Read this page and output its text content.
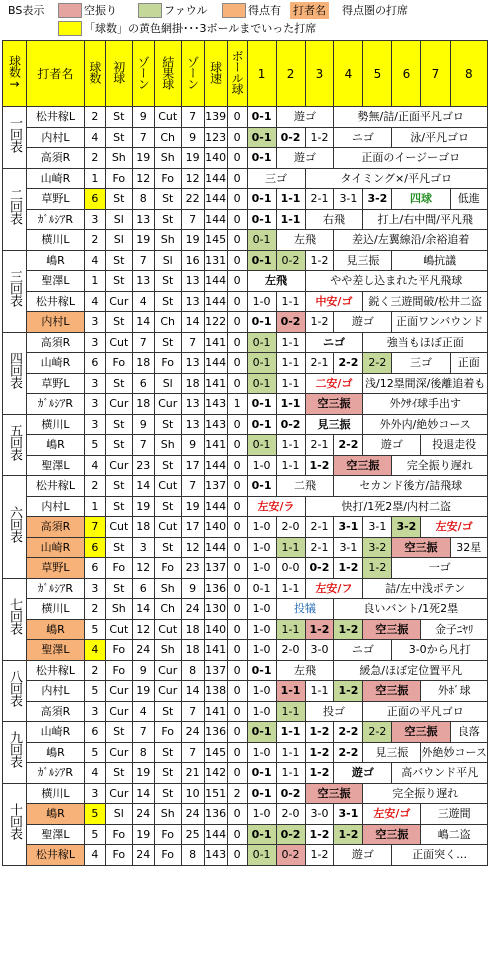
BS表示	空振り	ファウル	得点有 打者名 得点圏の打席
「球数」の黄色網掛･･･3ボールまでいった打席
球数→	打者名	球数	初球	ゾーン	結果球	ゾーン	球速	ボール球	1	2	3	4	5	6	7	8
一回表	松井稼L	2	St	9	Cut	7	139	0	0-1	遊ゴ		勢無/詰/正面平凡ゴロ				
	内村L	4	St	7	Ch	9	123	0	0-1	0-2	1-2	ニゴ		泳/平凡ゴロ		
	高須R	2	Sh	19	Sh	19	140	0	0-1	遊ゴ		正面のイージーゴロ				
二回表	山崎R	1	Fo	12	Fo	12	144	0	三ゴ		タイミング×/平凡ゴロ					
	草野L	6	St	8	St	22	144	0	0-1	1-1	2-1	3-1	3-2	四球		低進
	ｶﾞﾙｼｱR	3	Sl	13	St	7	144	0	0-1	1-1	右飛		打上/右中間/平凡飛			
	横川L	2	Sl	19	Sh	19	145	0	0-1	左飛		差込/左翼線沿/余裕追着				
三回表	嶋R	4	St	7	Sl	16	131	0	0-1	0-2	1-2	見三振		嶋抗議		
	聖澤L	1	St	13	St	13	144	0	左飛		やや差し込まれた平凡飛球					
	松井稼L	4	Cur	4	St	13	144	0	1-0	1-1	中安/ゴ		鋭く三遊間破/松井二盗			
	内村L	3	St	14	Ch	14	122	0	0-1	0-2	1-2	遊ゴ		正面ワンバウンド		
四回表	高須R	3	Cut	7	St	7	141	0	0-1	1-1	ニゴ		強当もほぼ正面			
	山崎R	6	Fo	18	Fo	13	144	0	0-1	1-1	2-1	2-2	2-2	三ゴ		正面
	草野L	3	St	6	Sl	18	141	0	0-1	1-1	二安/ゴ		浅/12塁間深/後離追着も			
	ｶﾞﾙｼｱR	3	Cur	18	Cur	13	143	1	0-1	1-1	空三振		外ｸｻｲ球手出す			
五回表	横川L	3	St	9	St	13	143	0	0-1	0-2	見三振		外外内/絶妙コース			
	嶋R	5	St	7	Sh	9	141	0	0-1	1-1	2-1	2-2	遊ゴ		投退走役	
	聖澤L	4	Cur	23	St	17	144	0	1-0	1-1	1-2	空三振		完全振り遅れ		
六回表	松井稼L	2	St	14	Cut	7	137	0	0-1	二飛		セカンド後方/詰飛球				
	内村L	1	St	19	St	19	144	0	左安/ラ		快打/1死2塁/内村二盗					
	高須R	7	Cut	18	Cut	17	140	0	1-0	2-0	2-1	3-1	3-1	3-2	左安/ゴ	
	山崎R	6	St	3	St	12	144	0	1-0	1-1	2-1	3-1	3-2	空三振		32星
	草野L	6	Fo	12	Fo	23	137	0	1-0	0-0	0-2	1-2	1-2	一ゴ		
七回表	ｶﾞﾙｼｱR	3	St	6	Sh	9	136	0	0-1	1-1	左安/フ		詰/左中浅ポテン			
	横川L	2	Sh	14	Ch	24	130	0	1-0	投犠		良いバント/1死2塁				
	嶋R	5	Cut	12	Cut	18	140	0	1-0	1-1	1-2	1-2	空三振		金子ﾆﾔﾘ	
	聖澤L	4	Fo	24	Sh	18	141	0	1-0	2-0	3-0	ニゴ		3-0から凡打		
八回表	松井稼L	2	Fo	9	Cur	8	137	0	0-1	左飛		緩急/ほぼ定位置平凡				
	内村L	5	Cur	19	Cur	14	138	0	1-0	1-1	1-1	1-2	空三振		外ﾎﾞ球	
	高須R	3	Cur	4	St	7	141	0	1-0	1-1	投ゴ		正面の平凡ゴロ			
九回表	山崎R	6	St	7	Fo	24	136	0	0-1	1-1	1-2	2-2	2-2	空三振		良落
	嶋R	5	Cur	8	St	7	145	0	1-0	1-1	1-2	2-2	見三振		外絶妙コース	
	ｶﾞﾙｼｱR	4	St	19	St	21	142	0	0-1	1-1	1-2	遊ゴ		高バウンド平凡		
十回表	横川L	3	Cur	14	St	10	151	2	0-1	0-2	空三振		完全振り遅れ			
	嶋R	5	Sl	24	Sh	24	136	0	1-0	2-0	3-0	3-1	左安/ゴ		三遊間	
	聖澤L	5	Fo	19	Fo	25	144	0	0-1	0-2	1-2	1-2	空三振		嶋二盗	
	松井稼L	4	Fo	24	Fo	8	143	0	0-1	0-2	1-2	遊ゴ		正面突く…		
